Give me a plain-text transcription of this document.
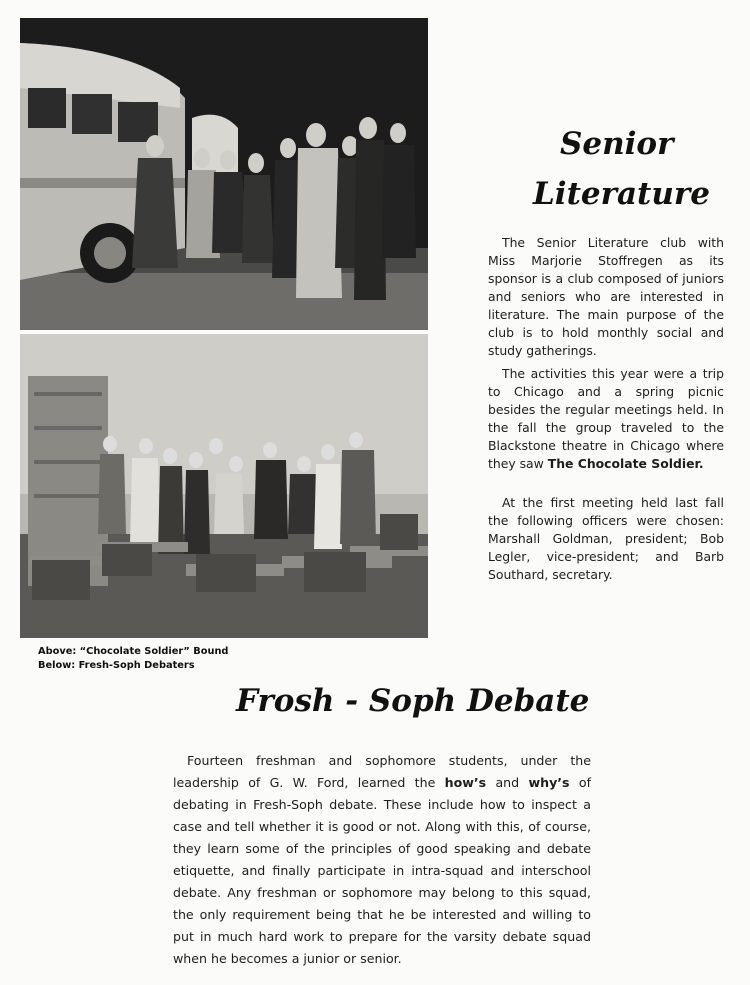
Senior
Literature

The Senior Literature club with Miss Marjorie Stoffregen as its sponsor is a club composed of juniors and seniors who are interested in literature. The main purpose of the club is to hold monthly social and study gatherings.

The activities this year were a trip to Chicago and a spring picnic besides the regular meetings held. In the fall the group traveled to the Blackstone theatre in Chicago where they saw The Chocolate Soldier.

At the first meeting held last fall the following officers were chosen: Marshall Goldman, president; Bob Legler, vice-president; and Barb Southard, secretary.

Above: “Chocolate Soldier” Bound

Below: Fresh-Soph Debaters

Frosh - Soph Debate

Fourteen freshman and sophomore students, under the leadership of G. W. Ford, learned the how’s and why’s of debating in Fresh-Soph debate. These include how to inspect a case and tell whether it is good or not. Along with this, of course, they learn some of the principles of good speaking and debate etiquette, and finally participate in intra-squad and interschool debate. Any freshman or sophomore may belong to this squad, the only requirement being that he be interested and willing to put in much hard work to prepare for the varsity debate squad when he becomes a junior or senior.
